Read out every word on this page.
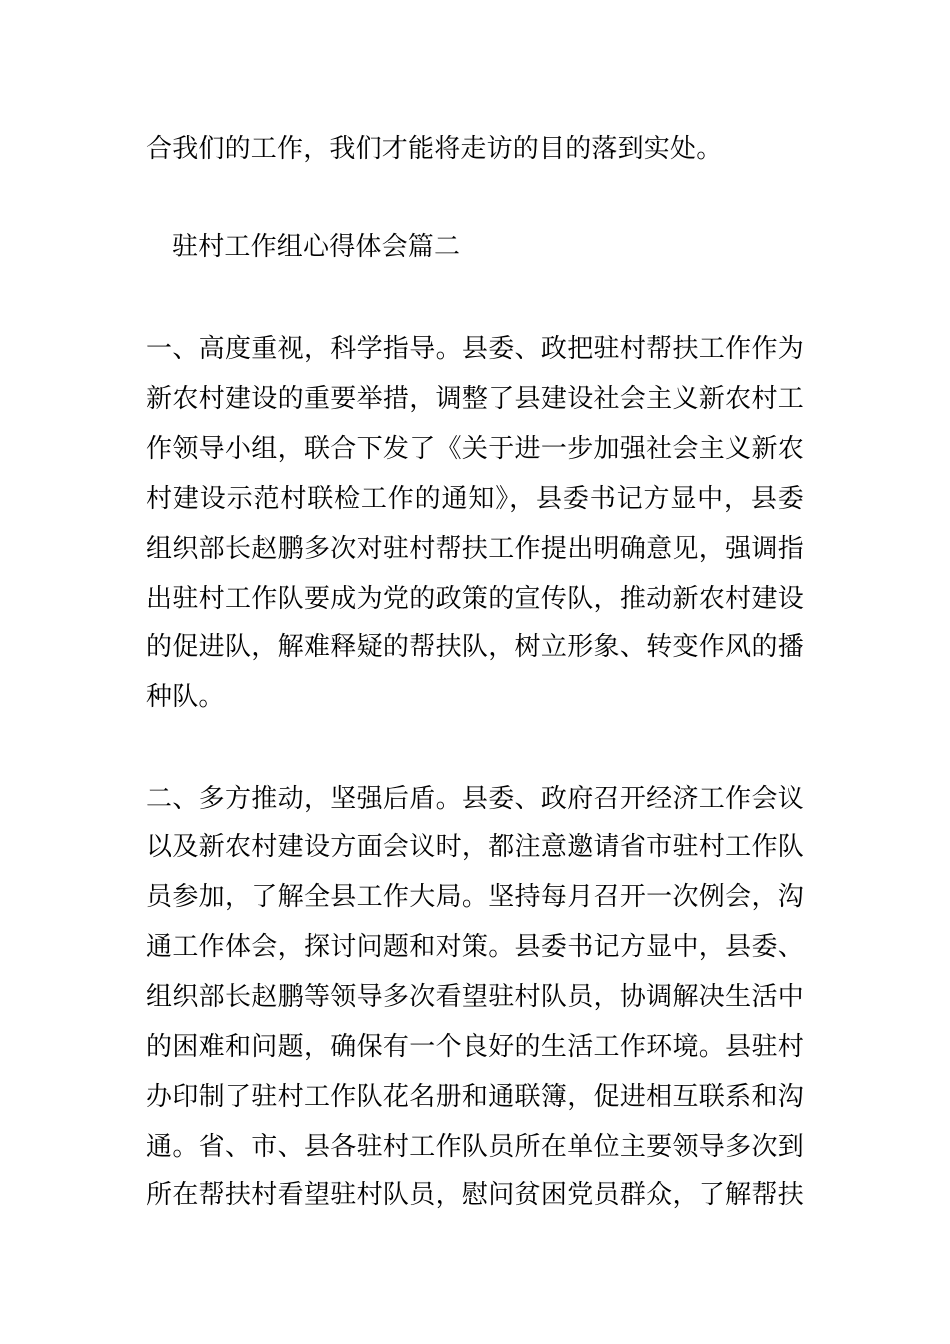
合我们的工作，我们才能将走访的目的落到实处。
驻村工作组心得体会篇二
一、高度重视，科学指导。县委、政把驻村帮扶工作作为
新农村建设的重要举措，调整了县建设社会主义新农村工
作领导小组，联合下发了《关于进一步加强社会主义新农
村建设示范村联检工作的通知》，县委书记方显中，县委
组织部长赵鹏多次对驻村帮扶工作提出明确意见，强调指
出驻村工作队要成为党的政策的宣传队，推动新农村建设
的促进队，解难释疑的帮扶队，树立形象、转变作风的播
种队。
二、多方推动，坚强后盾。县委、政府召开经济工作会议
以及新农村建设方面会议时，都注意邀请省市驻村工作队
员参加，了解全县工作大局。坚持每月召开一次例会，沟
通工作体会，探讨问题和对策。县委书记方显中，县委、
组织部长赵鹏等领导多次看望驻村队员，协调解决生活中
的困难和问题，确保有一个良好的生活工作环境。县驻村
办印制了驻村工作队花名册和通联簿，促进相互联系和沟
通。省、市、县各驻村工作队员所在单位主要领导多次到
所在帮扶村看望驻村队员，慰问贫困党员群众，了解帮扶
